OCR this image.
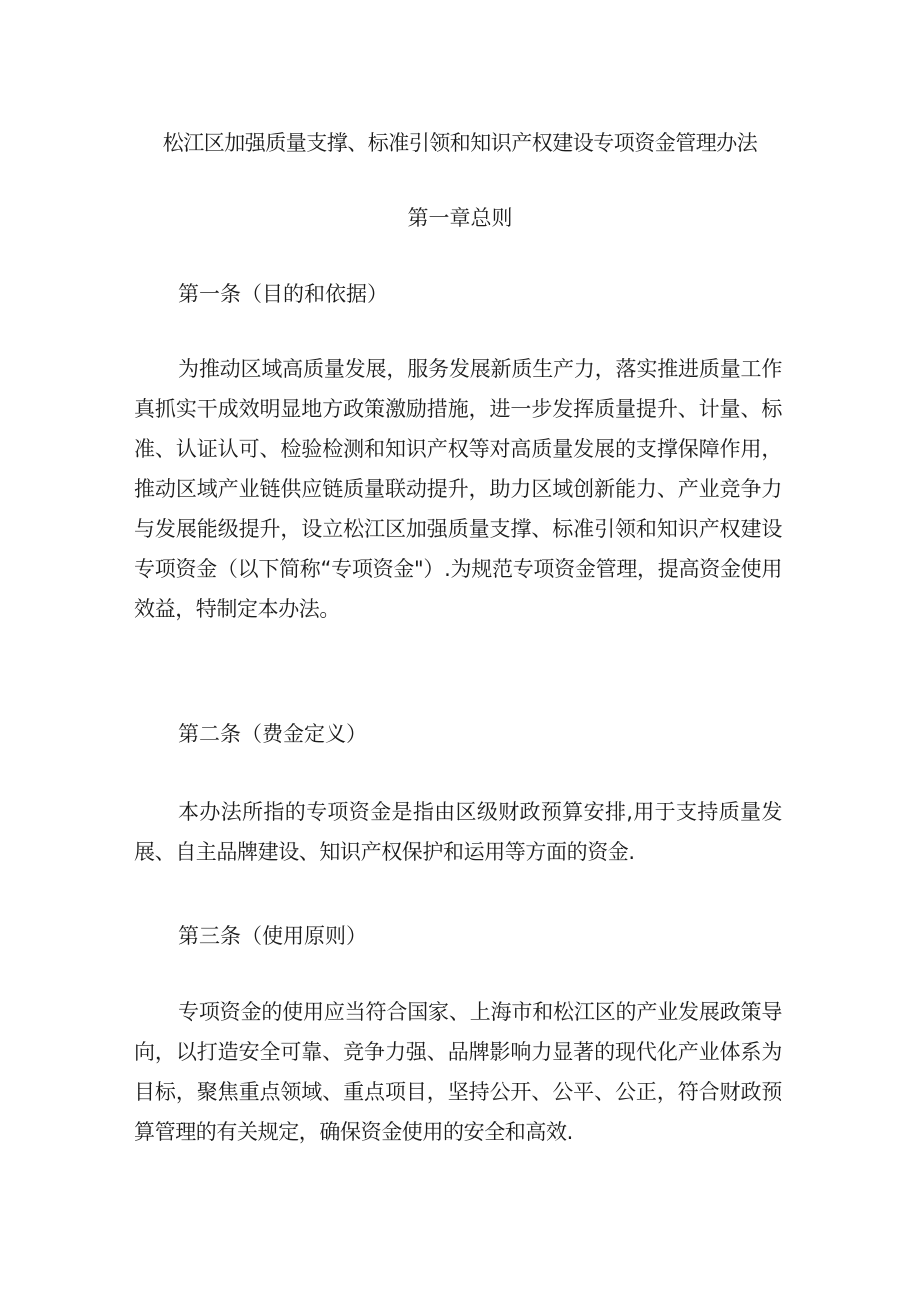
松江区加强质量支撑、标准引领和知识产权建设专项资金管理办法
第一章总则
第一条（目的和依据）

为推动区域高质量发展，服务发展新质生产力，落实推进质量工作真抓实干成效明显地方政策激励措施，进一步发挥质量提升、计量、标准、认证认可、检验检测和知识产权等对高质量发展的支撑保障作用，推动区域产业链供应链质量联动提升，助力区域创新能力、产业竞争力与发展能级提升，设立松江区加强质量支撑、标准引领和知识产权建设专项资金（以下简称“专项资金"）.为规范专项资金管理，提高资金使用效益，特制定本办法。

第二条（费金定义）

本办法所指的专项资金是指由区级财政预算安排,用于支持质量发展、自主品牌建设、知识产权保护和运用等方面的资金.

第三条（使用原则）

专项资金的使用应当符合国家、上海市和松江区的产业发展政策导向，以打造安全可靠、竞争力强、品牌影响力显著的现代化产业体系为目标，聚焦重点领域、重点项目，坚持公开、公平、公正，符合财政预算管理的有关规定，确保资金使用的安全和高效.
